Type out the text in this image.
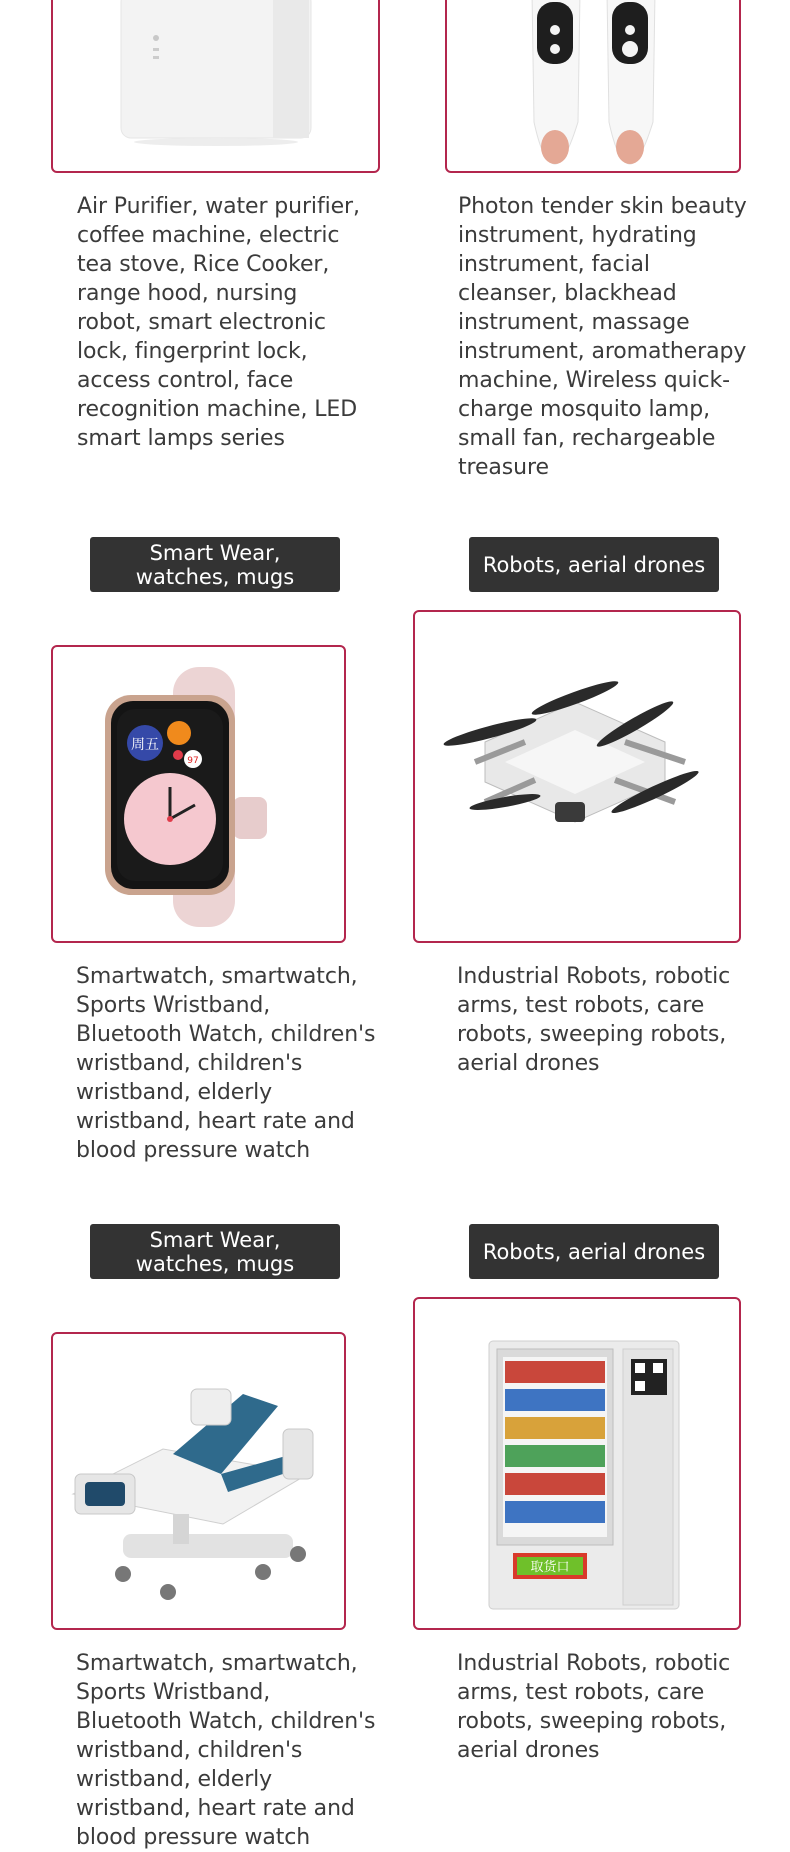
Air Purifier, water purifier, coffee machine, electric tea stove, Rice Cooker, range hood, nursing robot, smart electronic lock, fingerprint lock, access control, face recognition machine, LED smart lamps series
Photon tender skin beauty instrument, hydrating instrument, facial cleanser, blackhead instrument, massage instrument, aromatherapy machine, Wireless quick-charge mosquito lamp, small fan, rechargeable treasure
Smart Wear, watches, mugs	Robots, aerial drones
周五
97
Smartwatch, smartwatch, Sports Wristband, Bluetooth Watch, children's wristband, children's wristband, elderly wristband, heart rate and blood pressure watch
Industrial Robots, robotic arms, test robots, care robots, sweeping robots, aerial drones
Smart Wear, watches, mugs	Robots, aerial drones
取货口
Smartwatch, smartwatch, Sports Wristband, Bluetooth Watch, children's wristband, children's wristband, elderly wristband, heart rate and blood pressure watch
Industrial Robots, robotic arms, test robots, care robots, sweeping robots, aerial drones
